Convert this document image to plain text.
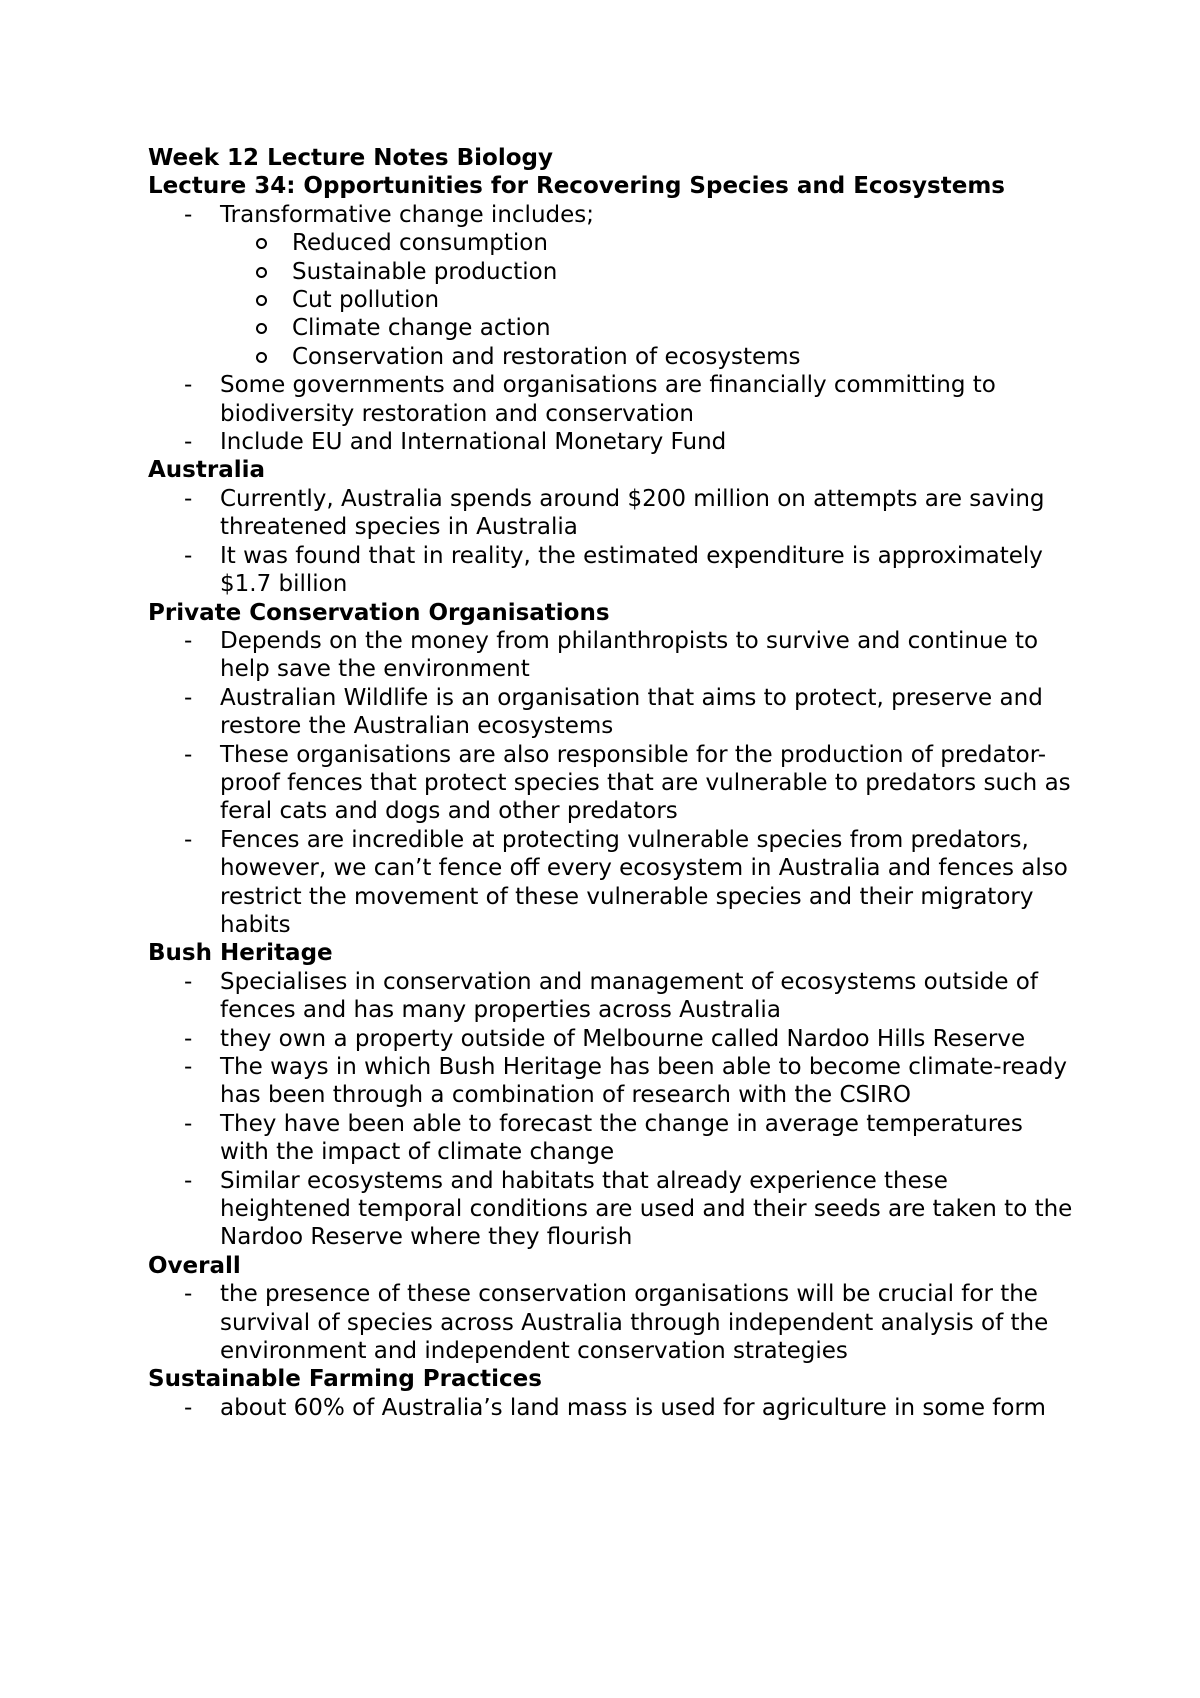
Week 12 Lecture Notes Biology
Lecture 34: Opportunities for Recovering Species and Ecosystems
- Transformative change includes;
Reduced consumption
Sustainable production
Cut pollution
Climate change action
Conservation and restoration of ecosystems
- Some governments and organisations are financially committing to biodiversity restoration and conservation
- Include EU and International Monetary Fund
Australia
- Currently, Australia spends around $200 million on attempts are saving threatened species in Australia
- It was found that in reality, the estimated expenditure is approximately $1.7 billion
Private Conservation Organisations
- Depends on the money from philanthropists to survive and continue to help save the environment
- Australian Wildlife is an organisation that aims to protect, preserve and restore the Australian ecosystems
- These organisations are also responsible for the production of predator-proof fences that protect species that are vulnerable to predators such as feral cats and dogs and other predators
- Fences are incredible at protecting vulnerable species from predators, however, we can’t fence off every ecosystem in Australia and fences also restrict the movement of these vulnerable species and their migratory habits
Bush Heritage
- Specialises in conservation and management of ecosystems outside of fences and has many properties across Australia
- they own a property outside of Melbourne called Nardoo Hills Reserve
- The ways in which Bush Heritage has been able to become climate-ready has been through a combination of research with the CSIRO
- They have been able to forecast the change in average temperatures with the impact of climate change
- Similar ecosystems and habitats that already experience these heightened temporal conditions are used and their seeds are taken to the Nardoo Reserve where they flourish
Overall
- the presence of these conservation organisations will be crucial for the survival of species across Australia through independent analysis of the environment and independent conservation strategies
Sustainable Farming Practices
- about 60% of Australia’s land mass is used for agriculture in some form
